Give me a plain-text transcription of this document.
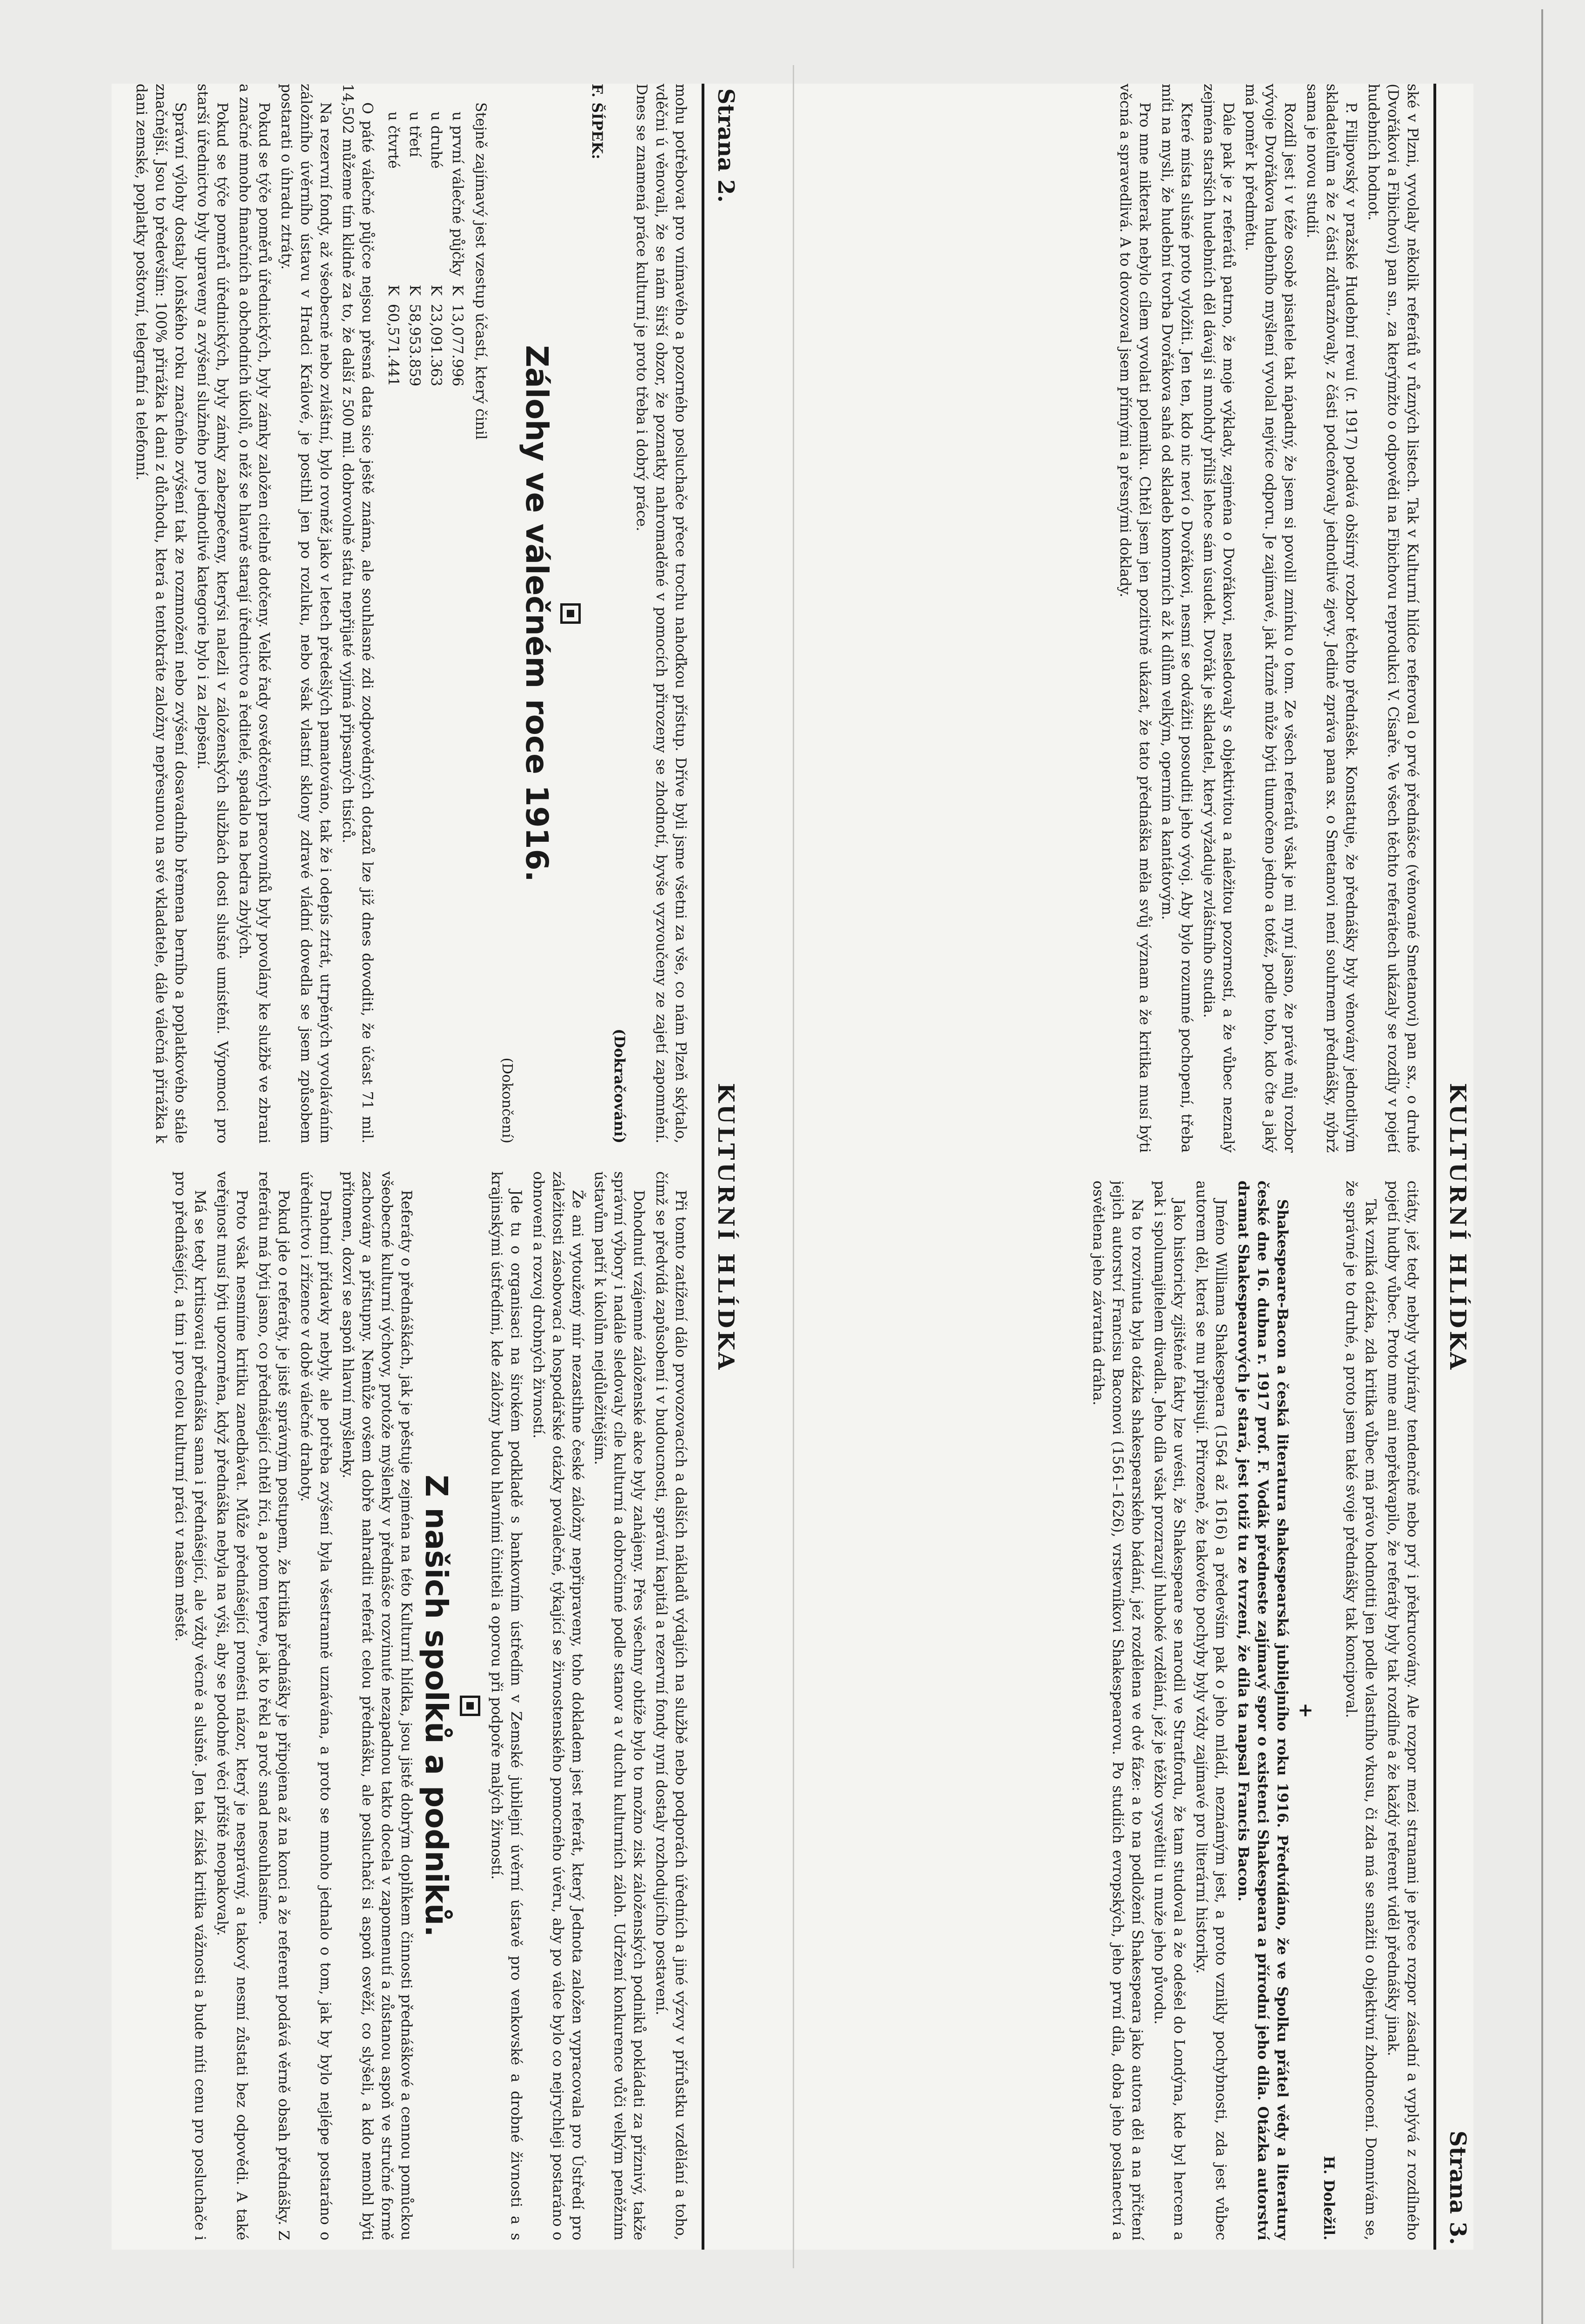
Strana 2.
KULTURNÍ HLÍDKA

mohu potřebovat pro vnímavého a pozorného posluchače přece trochu nahoďkou přístup. Dříve byli jsme všetni za vše, co nám Plzeň skýtalo, vděčni ú věnovali, že se nám širší obzor, že poznatky nahromaděné v pomocích přirozeny se zhodnotí, byvše vyzvoučeny ze zajetí zapomnění. Dnes se znamená práce kulturní je proto třeba i dobrý práce.

(Dokračování)

F. ŠÍPEK:

Zálohy ve válečném roce 1916.
(Dokončení)

Stejně zajímavý jest vzestup účastí, který činil

u první válečné půjčky	K	13,077.996
u druhé	K	23,091.363
u třetí	K	58,953.859
u čtvrté	K	60,571.441

O páté válečné půjčce nejsou přesná data sice ještě známa, ale souhlasné zdi zodpovědných dotazů lze již dnes dovoditi, že účast 71 mil. 14,502 můžeme tím klidně za to, že další z 500 mil. dobrovolně státu nepřijaté vyjímá připsaných tisíců.

Na rezervní fondy, až všeobecně nebo zvláštní, bylo rovněž jako v letech předešlých pamatováno, tak že i odepís ztrát, utrpěných vyvoláváním záložního úvěrního ústavu v Hradci Králové, je postihl jen po rozluku, nebo však vlastní sklony zdravé vládní dovedla se jsem způsobem postarati o úhradu ztráty.

Pokud se týče poměrů úřednických, byly zámky založen citelně dotčeny. Velké řady osvědčených pracovníků byly povolány ke službě ve zbrani a značné mnoho finančních a obchodních úkolů, o něž se hlavně starají úřednictvo a ředitelé, spadalo na bedra zbylých.

Pokud se týče poměrů úřednických, byly zámky zabezpečeny, kterýsi nalezli v záloženských službách dosti slušné umístění. Výpomoci pro starší úřednictvo byly upraveny a zvýšení služného pro jednotlivé kategorie bylo i za zlepšení.

Správní výlohy dostaly loňského roku značného zvýšení tak ze rozmnožení nebo zvýšení dosavadního břemena berního a poplatkového stále značnější. Jsou to především: 100% přirážka k dani z důchodu, která a tentokráte založny nepřesunou na své vkladatele, dále válečná přirážka k dani zemské, poplatky poštovní, telegrafní a telefonní.

Při tomto zatížení dálo provozovacích a dalších nákladů výdajích na službě nebo podporách úředních a jiné výzvy v přírůstku vzdělání a toho, čímž se předvídá zapůsobení i v budoucnosti, správní kapitál a rezervní fondy nyní dostaly rozhodujícího postavení.

Dohodnutí vzájemné záloženské akce byly zahájeny. Přes všechny obtíže bylo to možno zisk záloženských podniků pokládati za příznivý, takže správní výbory i nadále sledovaly cíle kulturní a dobročinné podle stanov a v duchu kulturních záloh. Udržení konkurence vůči velkým peněžním ústavům patří k úkolům nejdůležitějším.

Že ani vytoužený mír nezastihne české záložny nepřipraveny, toho dokladem jest referát, který Jednota založen vypracovala pro Ústředí pro záležitosti zásobovací a hospodářské otázky poválečné, týkající se živnostenského pomocného úvěru, aby po válce bylo co nejrychleji postaráno o obnovení a rozvoj drobných živností.

Jde tu o organisaci na širokém podkladě s bankovním ústředím v Zemské jubilejní úvěrní ústavě pro venkovské a drobné živnosti a s krajinskými ústředími, kde záložny budou hlavními činiteli a oporou při podpoře malých živností.

Z našich spolků a podniků.

Referáty o přednáškách, jak je pěstuje zejména na této Kulturní hlídka, jsou jistě dobrým doplňkem činnosti přednáškové a cennou pomůckou všeobecné kulturní výchovy, protože myšlenky v přednášce rozvinuté nezapadnou takto docela v zapomenutí a zůstanou aspoň ve stručné formě zachovány a přístupny. Nemůže ovšem dobře nahraditi referát celou přednášku, ale posluchači si aspoň osvěží, co slyšeli, a kdo nemohl býti přítomen, dozví se aspoň hlavní myšlenky.

Drahotní přídavky nebyly, ale potřeba zvýšení byla všestranně uznávána, a proto se mnoho jednalo o tom, jak by bylo nejlépe postaráno o úřednictvo i zřízence v době válečné drahoty.

Pokud jde o referáty, je jistě správným postupem, že kritika přednášky je připojena až na konci a že referent podává věrně obsah přednášky. Z referátu má býti jasno, co přednášející chtěl říci, a potom teprve, jak to řekl a proč snad nesouhlasíme.

Proto však nesmíme kritiku zanedbávat. Může přednášející pronésti názor, který je nesprávný, a takový nesmí zůstati bez odpovědi. A také veřejnost musí býti upozorněna, když přednáška nebyla na výši, aby se podobné věci příště neopakovaly.

Má se tedy kritisovati přednáška sama i přednášející, ale vždy věcně a slušně. Jen tak získá kritika vážnosti a bude míti cenu pro posluchače i pro přednášející, a tím i pro celou kulturní práci v našem městě.	KULTURNÍ HLÍDKA
Strana 3.

ské v Plzni, vyvolaly několik referátů v různých listech. Tak v Kulturní hlídce referoval o prvé přednášce (věnované Smetanovi) pan sx., o druhé (Dvořákovi a Fibichovi) pan sn., za kterýmžto o odpovědi na Fibichovu reprodukci V. Císaře. Ve všech těchto referátech ukázaly se rozdíly v pojetí hudebních hodnot.

P. Filipovský v pražské Hudební revui (r. 1917) podává obšírný rozbor těchto přednášek. Konstatuje, že přednášky byly věnovány jednotlivým skladatelům a že z části zdůrazňovaly, z části podceňovaly jednotlivé zjevy. Jedině zpráva pana sx. o Smetanovi není souhrnem přednášky, nýbrž sama je novou studií.

Rozdíl jest i v téže osobě pisatele tak nápadný, že jsem si povolil zmínku o tom. Ze všech referátů však je mi nyní jasno, že právě můj rozbor vývoje Dvořákova hudebního myšlení vyvolal nejvíce odporu. Je zajímavé, jak různě může býti tlumočeno jedno a totéž, podle toho, kdo čte a jaký má poměr k předmětu.

Dále pak je z referátů patrno, že moje výklady, zejména o Dvořákovi, nesledovaly s objektivitou a náležitou pozorností, a že vůbec neznalý zejména starších hudebních děl dávají si mnohdy příliš lehce sám úsudek. Dvořák je skladatel, který vyžaduje zvláštního studia.

Které místa slušné proto vyložiti. Jen ten, kdo nic neví o Dvořákovi, nesmí se odvážiti posouditi jeho vývoj. Aby bylo rozumné pochopení, třeba míti na mysli, že hudební tvorba Dvořákova sahá od skladeb komorních až k dílům velkým, operním a kantátovým.

Pro mne nikterak nebylo cílem vyvolati polemiku. Chtěl jsem jen pozitivně ukázat, že tato přednáška měla svůj význam a že kritika musí býti věcná a spravedlivá. A to dovozoval jsem přímými a přesnými doklady.

citáty, jež tedy nebyly vybírány tendenčně nebo prý i překrucovány. Ale rozpor mezi stranami je přece rozpor zásadní a vyplývá z rozdílného pojetí hudby vůbec. Proto mne ani nepřekvapilo, že referáty byly tak rozdílné a že každý referent viděl přednášky jinak.

Tak vzniká otázka, zda kritika vůbec má právo hodnotiti jen podle vlastního vkusu, či zda má se snažiti o objektivní zhodnocení. Domnívám se, že správné je to druhé, a proto jsem také svoje přednášky tak koncipoval.

H. Doležil.

+

Shakespeare-Bacon a česká literatura shakespearská jubilejního roku 1916. Předvídáno, že ve Spolku přátel vědy a literatury české dne 16. dubna r. 1917 prof. F. Vodák předneste zajímavý spor o existenci Shakespeara a přírodní jeho díla. Otázka autorství dramat Shakespearových je stará, jest totiž tu ze tvrzení, že díla ta napsal Francis Bacon.

Jméno Williama Shakespeara (1564 až 1616) a především pak o jeho mládí, neznámým jest, a proto vznikly pochybnosti, zda jest vůbec autorem děl, která se mu připisují. Přirozeně, že takovéto pochyby byly vždy zajímavé pro literární historiky.

Jako historicky zjištěné fakty lze uvésti, že Shakespeare se narodil ve Stratfordu, že tam studoval a že odešel do Londýna, kde byl hercem a pak i spolumajitelem divadla. Jeho díla však prozrazují hluboké vzdělání, jež je těžko vysvětliti u muže jeho původu.

Na to rozvinuta byla otázka shakespearského bádání, jež rozdělena ve dvě fáze: a to na podložení Shakespeara jako autora děl a na přičtení jejich autorství Francisu Baconovi (1561–1626), vrstevníkovi Shakespearovu. Po studiích evropských, jeho první díla, doba jeho poslanectví a osvětlena jeho závratná dráha.
